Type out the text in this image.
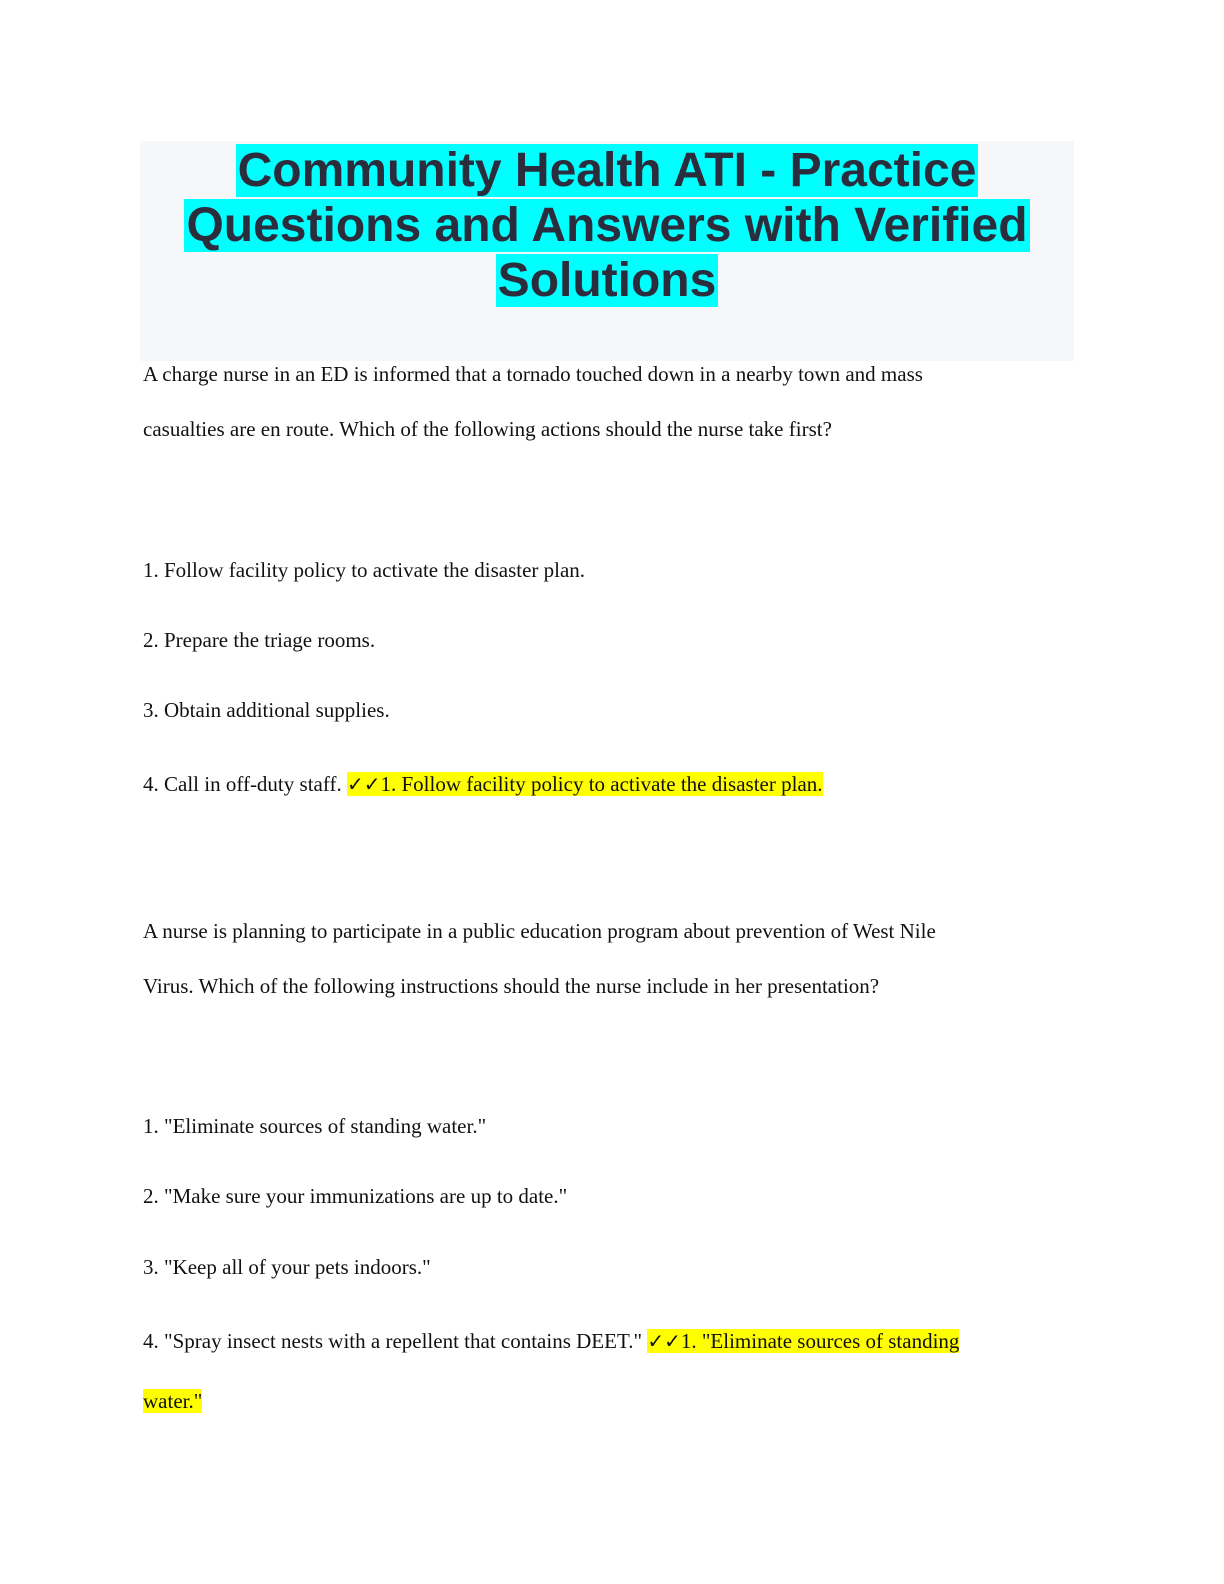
Community Health ATI - Practice
Questions and Answers with Verified
Solutions

A charge nurse in an ED is informed that a tornado touched down in a nearby town and mass

casualties are en route. Which of the following actions should the nurse take first?

1. Follow facility policy to activate the disaster plan.

2. Prepare the triage rooms.

3. Obtain additional supplies.

4. Call in off-duty staff. ✓✓1. Follow facility policy to activate the disaster plan.

A nurse is planning to participate in a public education program about prevention of West Nile

Virus. Which of the following instructions should the nurse include in her presentation?

1. "Eliminate sources of standing water."

2. "Make sure your immunizations are up to date."

3. "Keep all of your pets indoors."

4. "Spray insect nests with a repellent that contains DEET." ✓✓1. "Eliminate sources of standing

water."
